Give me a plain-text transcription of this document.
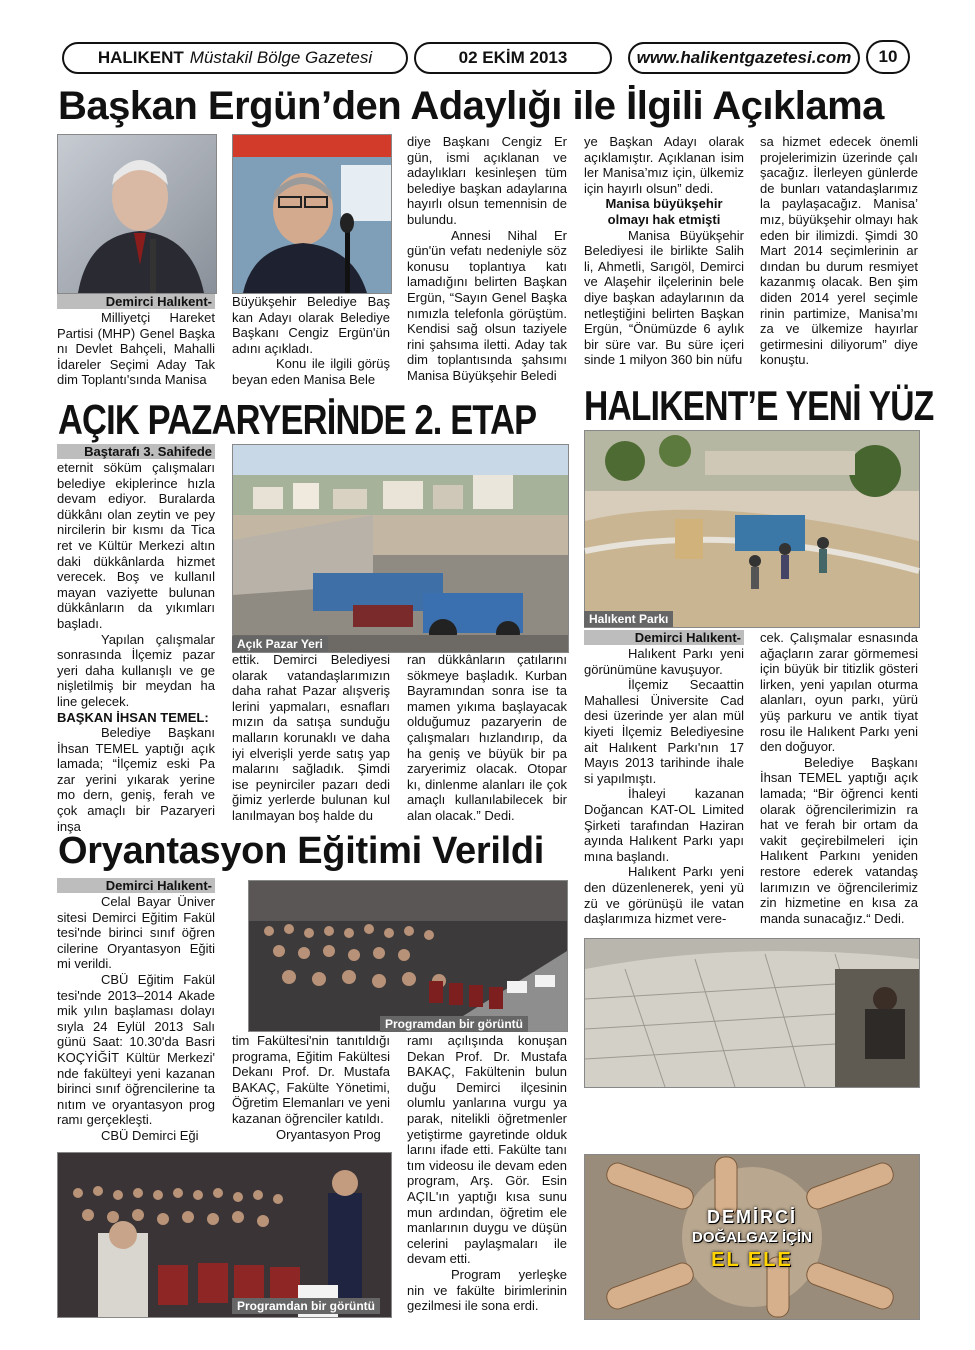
HALIKENT Müstakil Bölge Gazetesi	02 EKİM 2013	www.halikentgazetesi.com 10
Başkan Ergün’den Adaylığı ile İlgili Açıklama
Demirci Halıkent-

Milliyetçi Hareket Partisi (MHP) Genel Başka nı Devlet Bahçeli, Mahalli İdareler Seçimi Aday Tak dim Toplantı'sında Manisa

Büyükşehir Belediye Baş kan Adayı olarak Belediye Başkanı Cengiz Ergün'ün adını açıkladı.

Konu ile ilgili görüş beyan eden Manisa Bele

diye Başkanı Cengiz Er gün, ismi açıklanan ve adaylıkları kesinleşen tüm belediye başkan adaylarına hayırlı olsun temennisin de bulundu.

Annesi Nihal Er gün'ün vefatı nedeniyle söz konusu toplantıya katı lamadığını belirten Başkan Ergün, “Sayın Genel Başka nımızla telefonla görüştüm. Kendisi sağ olsun taziyele rini şahsıma iletti. Aday tak dim toplantısında şahsımı Manisa Büyükşehir Beledi

ye Başkan Adayı olarak açıklamıştır. Açıklanan isim ler Manisa’mız için, ülkemiz için hayırlı olsun” dedi.

Manisa büyükşehir olmayı hak etmişti

Manisa Büyükşehir Belediyesi ile birlikte Salih li, Ahmetli, Sarıgöl, Demirci ve Alaşehir ilçelerinin bele diye başkan adaylarının da netleştiğini belirten Başkan Ergün, “Önümüzde 6 aylık bir süre var. Bu süre içeri sinde 1 milyon 360 bin nüfu

sa hizmet edecek önemli projelerimizin üzerinde çalı şacağız. İlerleyen günlerde de bunları vatandaşlarımız la paylaşacağız. Manisa’ mız, büyükşehir olmayı hak eden bir ilimizdi. Şimdi 30 Mart 2014 seçimlerinin ar dından bu durum resmiyet kazanmış olacak. Ben şim diden 2014 yerel seçimle rinin partimize, Manisa’mı za ve ülkemize hayırlar getirmesini diliyorum” diye konuştu.

AÇIK PAZARYERİNDE 2. ETAP
Açık Pazar Yeri
Baştarafı 3. Sahifede

eternit söküm çalışmaları belediye ekiplerince hızla devam ediyor. Buralarda dükkânı olan zeytin ve pey nircilerin bir kısmı da Tica ret ve Kültür Merkezi altın daki dükkânlarda hizmet verecek. Boş ve kullanıl mayan vaziyette bulunan dükkânların da yıkımları başladı.

Yapılan çalışmalar sonrasında İlçemiz pazar yeri daha kullanışlı ve ge nişletilmiş bir meydan ha line gelecek.

BAŞKAN İHSAN TEMEL:

Belediye Başkanı İhsan TEMEL yaptığı açık lamada; “İlçemiz eski Pa zar yerini yıkarak yerine mo dern, geniş, ferah ve çok amaçlı bir Pazaryeri inşa

ettik. Demirci Belediyesi olarak vatandaşlarımızın daha rahat Pazar alışveriş lerini yapmaları, esnafları mızın da satışa sunduğu malların korunaklı ve daha iyi elverişli yerde satış yap malarını sağladık. Şimdi ise peynirciler pazarı dedi ğimiz yerlerde bulunan kul lanılmayan boş halde du

ran dükkânların çatılarını sökmeye başladık. Kurban Bayramından sonra ise ta mamen yıkıma başlayacak olduğumuz pazaryerin de çalışmaları hızlandırıp, da ha geniş ve büyük bir pa zaryerimiz olacak. Otopar kı, dinlenme alanları ile çok amaçlı kullanılabilecek bir alan olacak.” Dedi.

HALIKENT’E YENİ YÜZ
Halıkent Parkı
Demirci Halıkent-

Halıkent Parkı yeni görünümüne kavuşuyor.

İlçemiz Secaattin Mahallesi Üniversite Cad desi üzerinde yer alan mül kiyeti İlçemiz Belediyesine ait Halıkent Parkı'nın 17 Mayıs 2013 tarihinde ihale si yapılmıştı.

İhaleyi kazanan Doğancan KAT-OL Limited Şirketi tarafından Haziran ayında Halıkent Parkı yapı mına başlandı.

Halıkent Parkı yeni den düzenlenerek, yeni yü zü ve görünüşü ile vatan daşlarımıza hizmet vere-

cek. Çalışmalar esnasında ağaçların zarar görmemesi için büyük bir titizlik gösteri lirken, yeni yapılan oturma alanları, oyun parkı, yürü yüş parkuru ve antik tiyat rosu ile Halıkent Parkı yeni den doğuyor.

Belediye Başkanı İhsan TEMEL yaptığı açık lamada; “Bir öğrenci kenti olarak öğrencilerimizin ra hat ve ferah bir ortam da vakit geçirebilmeleri için Halıkent Parkını yeniden restore ederek vatandaş larımızın ve öğrencilerimiz zin hizmetine en kısa za manda sunacağız.“ Dedi.

DEMİRCİ
DOĞALGAZ İÇİN
EL ELE
Oryantasyon Eğitimi Verildi
Programdan bir görüntü
Demirci Halıkent-

Celal Bayar Üniver sitesi Demirci Eğitim Fakül tesi'nde birinci sınıf öğren cilerine Oryantasyon Eğiti mi verildi.

CBÜ Eğitim Fakül tesi'nde 2013–2014 Akade mik yılın başlaması dolayı sıyla 24 Eylül 2013 Salı günü Saat: 10.30'da Basri KOÇYİĞİT Kültür Merkezi' nde fakülteyi yeni kazanan birinci sınıf öğrencilerine ta nıtım ve oryantasyon prog ramı gerçekleşti.

CBÜ Demirci Eği

tim Fakültesi'nin tanıtıldığı programa, Eğitim Fakültesi Dekanı Prof. Dr. Mustafa BAKAÇ, Fakülte Yönetimi, Öğretim Elemanları ve yeni kazanan öğrenciler katıldı.

Oryantasyon Prog

ramı açılışında konuşan Dekan Prof. Dr. Mustafa BAKAÇ, Fakültenin bulun duğu Demirci ilçesinin olumlu yanlarına vurgu ya parak, nitelikli öğretmenler yetiştirme gayretinde olduk larını ifade etti. Fakülte tanı tım videosu ile devam eden program, Arş. Gör. Esin AÇIL'ın yaptığı kısa sunu mun ardından, öğretim ele manlarının duygu ve düşün celerini paylaşmaları ile devam etti.

Program yerleşke nin ve fakülte birimlerinin gezilmesi ile sona erdi.

Programdan bir görüntü
